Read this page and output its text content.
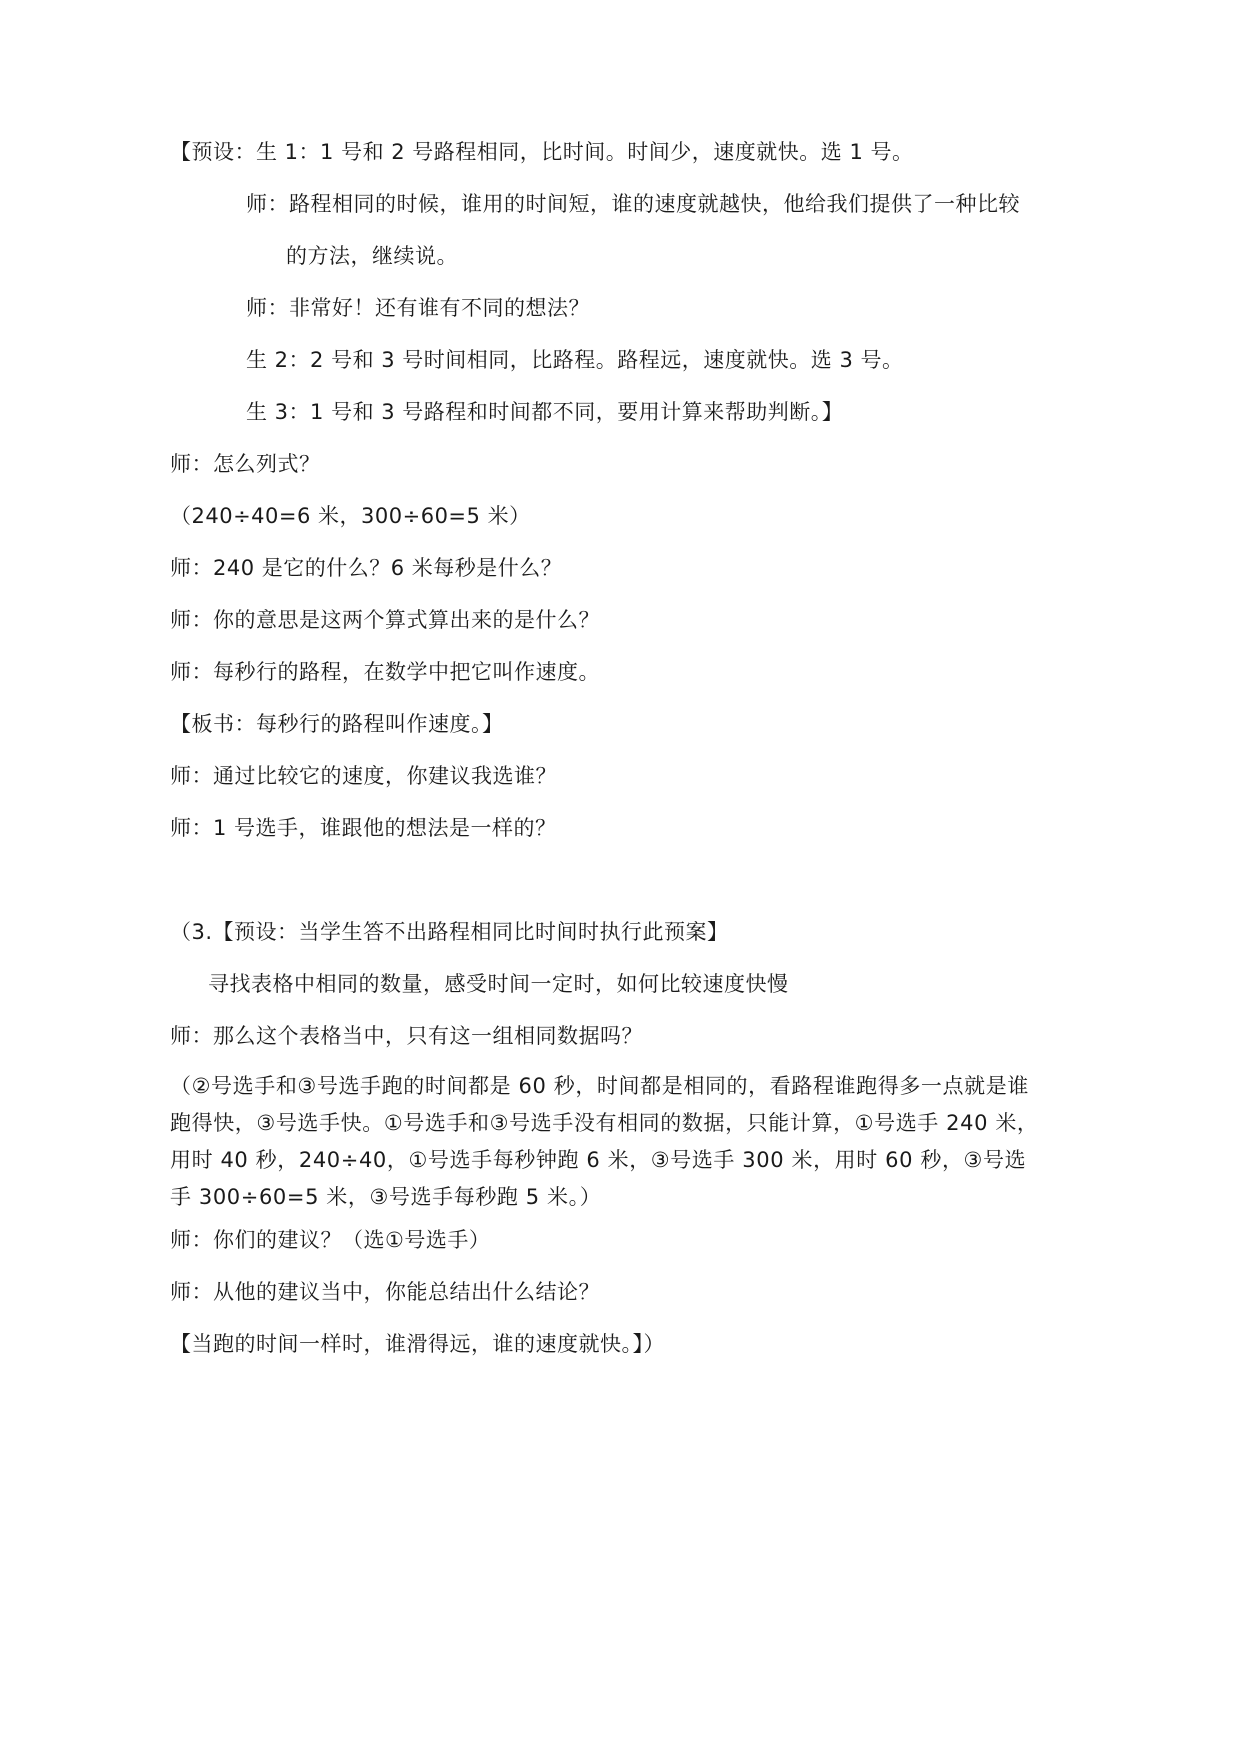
【预设：生 1：1 号和 2 号路程相同，比时间。时间少，速度就快。选 1 号。
师：路程相同的时候，谁用的时间短，谁的速度就越快，他给我们提供了一种比较
的方法，继续说。
师：非常好！还有谁有不同的想法？
生 2：2 号和 3 号时间相同，比路程。路程远，速度就快。选 3 号。
生 3：1 号和 3 号路程和时间都不同，要用计算来帮助判断。】
师：怎么列式？
（240÷40=6 米，300÷60=5 米）
师：240 是它的什么？6 米每秒是什么？
师：你的意思是这两个算式算出来的是什么？
师：每秒行的路程，在数学中把它叫作速度。
【板书：每秒行的路程叫作速度。】
师：通过比较它的速度，你建议我选谁？
师：1 号选手，谁跟他的想法是一样的？
（3.【预设：当学生答不出路程相同比时间时执行此预案】
寻找表格中相同的数量，感受时间一定时，如何比较速度快慢
师：那么这个表格当中，只有这一组相同数据吗？
（②号选手和③号选手跑的时间都是 60 秒，时间都是相同的，看路程谁跑得多一点就是谁跑得快，③号选手快。①号选手和③号选手没有相同的数据，只能计算，①号选手 240 米，用时 40 秒，240÷40，①号选手每秒钟跑 6 米，③号选手 300 米，用时 60 秒，③号选手 300÷60=5 米，③号选手每秒跑 5 米。）
师：你们的建议？（选①号选手）
师：从他的建议当中，你能总结出什么结论？
【当跑的时间一样时，谁滑得远，谁的速度就快。】）
